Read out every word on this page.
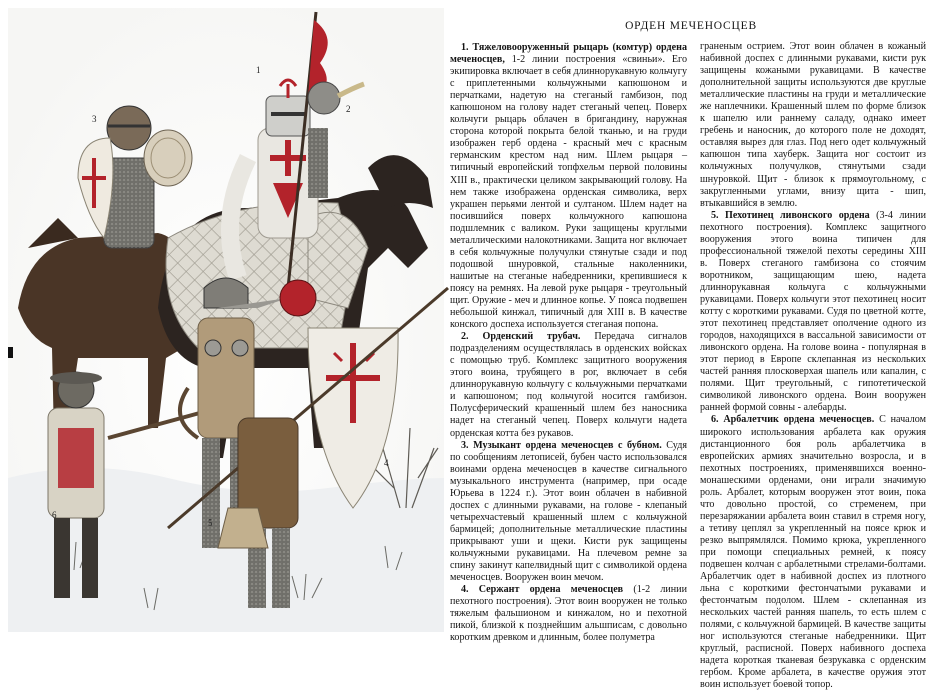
1
2
3
4
5
6
ОРДЕН МЕЧЕНОСЦЕВ

1. Тяжеловооруженный рыцарь (комтур) ордена меченосцев, 1-2 линии построения «свиньи». Его экипировка включает в себя длиннорукавную кольчугу с приплетенными кольчужными капюшоном и перчатками, надетую на стеганый гамбизон, под капюшоном на голову надет стеганый чепец. Поверх кольчуги рыцарь облачен в бригандину, наружная сторона которой покрыта белой тканью, и на груди изображен герб ордена - красный меч с красным германским крестом над ним. Шлем рыцаря – типичный европейский топфхельм первой половины XIII в., практически целиком закрывающий голову. На нем также изображена орденская символика, верх украшен перьями лентой и султаном. Шлем надет на посившийся поверх кольчужного капюшона подшлемник с валиком. Руки защищены круглыми металлическими налокотниками. Защита ног включает в себя кольчужные получулки стянутые сзади и под подошвой шнуровкой, стальные наколенники, нашитые на стеганые набедренники, крепившиеся к поясу на ремнях. На левой руке рыцаря - треугольный щит. Оружие - меч и длинное копье. У пояса подвешен небольшой кинжал, типичный для XIII в. В качестве конского доспеха используется стеганая попона.

2. Орденский трубач. Передача сигналов подразделениям осуществлялась в орденских войсках с помощью труб. Комплекс защитного вооружения этого воина, трубящего в рог, включает в себя длиннорукавную кольчугу с кольчужными перчатками и капюшоном; под кольчугой носится гамбизон. Полусферический крашенный шлем без наносника надет на стеганый чепец. Поверх кольчуги надета орденская котта без рукавов.

3. Музыкант ордена меченосцев с бубном. Судя по сообщениям летописей, бубен часто использовался воинами ордена меченосцев в качестве сигнального музыкального инструмента (например, при осаде Юрьева в 1224 г.). Этот воин облачен в набивной доспех с длинными рукавами, на голове - клепаный четырехчастевый крашенный шлем с кольчужной бармицей; дополнительные металлические пластины прикрывают уши и щеки. Кисти рук защищены кольчужными рукавицами. На плечевом ремне за спину закинут капелвидный щит с символикой ордена меченосцев. Вооружен воин мечом.

4. Сержант ордена меченосцев (1-2 линии пехотного построения). Этот воин вооружен не только тяжелым фальшионом и кинжалом, но и пехотной пикой, близкой к позднейшим альшписам, с довольно коротким древком и длинным, более полуметра

граненым острием. Этот воин облачен в кожаный набивной доспех с длинными рукавами, кисти рук защищены кожаными рукавицами. В качестве дополнительной защиты используются две круглые металлические пластины на груди и металлические же наплечники. Крашенный шлем по форме близок к шапелю или раннему саладу, однако имеет гребень и наносник, до которого поле не доходят, оставляя вырез для глаз. Под него одет кольчужный капюшон типа хауберк. Защита ног состоит из кольчужных получулков, стянутыми сзади шнуровкой. Щит - близок к прямоугольному, с закругленными углами, внизу щита - шип, втыкавшийся в землю.

5. Пехотинец ливонского ордена (3-4 линии пехотного построения). Комплекс защитного вооружения этого воина типичен для профессиональной тяжелой пехоты середины XIII в. Поверх стеганого гамбизона со стоячим воротником, защищающим шею, надета длиннорукавная кольчуга с кольчужными рукавицами. Поверх кольчуги этот пехотинец носит котту с короткими рукавами. Судя по цветной котте, этот пехотинец представляет ополчение одного из городов, находящихся в вассальной зависимости от ливонского ордена. На голове воина - популярная в этот период в Европе склепанная из нескольких частей ранняя плосковерхая шапель или капалин, с полями. Щит треугольный, с гипотетической символикой ливонского ордена. Воин вооружен ранней формой совны - алебарды.

6. Арбалетчик ордена меченосцев. С началом широкого использования арбалета как оружия дистанционного боя роль арбалетчика в европейских армиях значительно возросла, и в пехотных построениях, применявшихся военно-монашескими орденами, они играли значимую роль. Арбалет, которым вооружен этот воин, пока что довольно простой, со стременем, при перезаряжании арбалета воин ставил в стремя ногу, а тетиву цеплял за укрепленный на поясе крюк и резко выпрямлялся. Помимо крюка, укрепленного при помощи специальных ремней, к поясу подвешен колчан с арбалетными стрелами-болтами. Арбалетчик одет в набивной доспех из плотного льна с короткими фестончатыми рукавами и фестончатым подолом. Шлем - склепанная из нескольких частей ранняя шапель, то есть шлем с полями, с кольчужной бармицей. В качестве защиты ног используются стеганые набедренники. Щит круглый, расписной. Поверх набивного доспеха надета короткая тканевая безрукавка с орденским гербом. Кроме арбалета, в качестве оружия этот воин использует боевой топор.
